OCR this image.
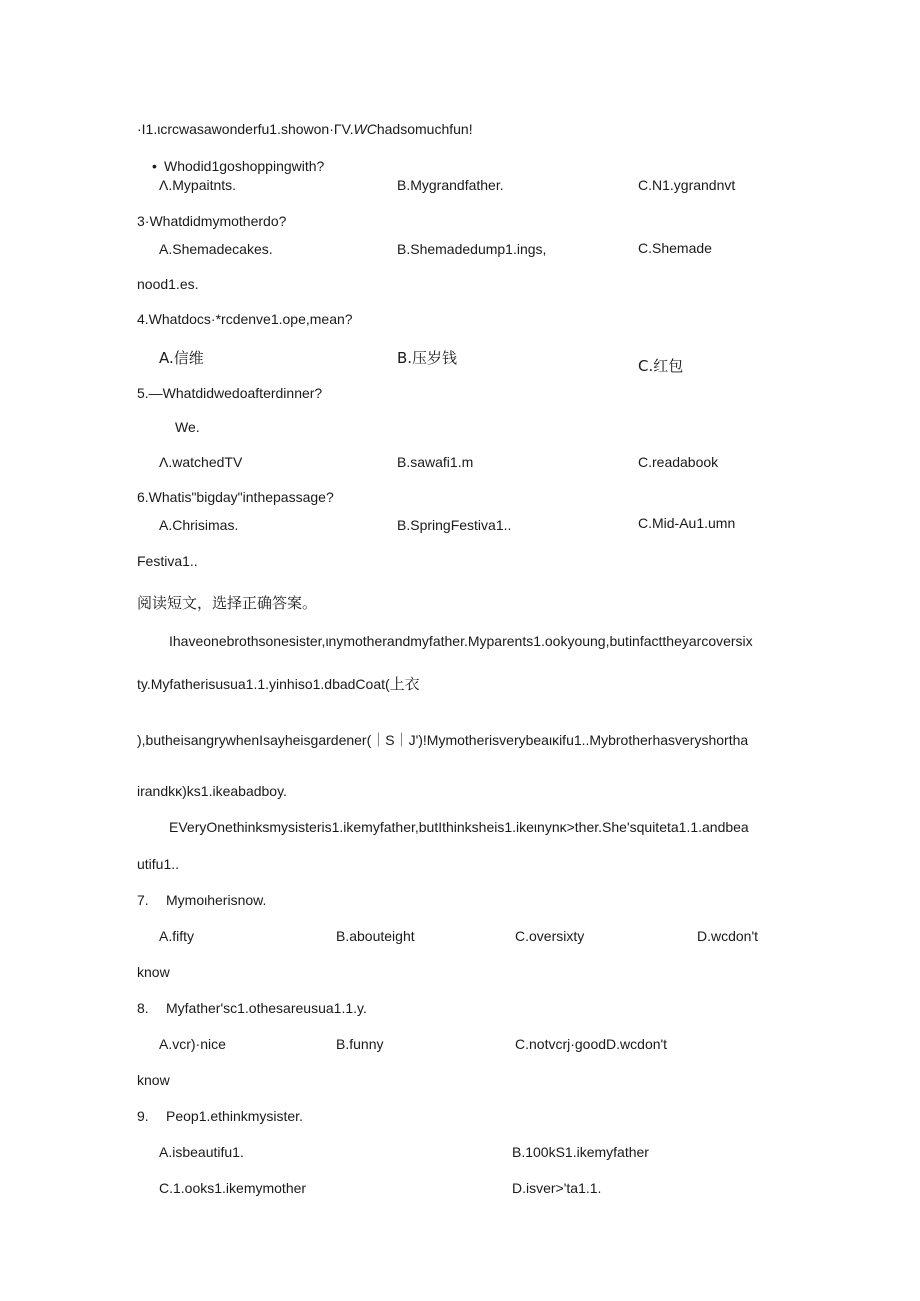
·I1.ιcrcwasawonderfu1.showon·ΓV.WChadsomuchfun!
• Whodid1goshoppingwith?
Λ.Mypaitnts.	B.Mygrandfather.	C.N1.ygrandnvt
3·Whatdidmymotherdo?
A.Shemadecakes.	B.Shemadedump1.ings,	C.Shemade
nood1.es.
4.Whatdocs·*rcdenve1.ope,mean?
A.信维	B.压岁钱	C.红包
5.—Whatdidwedoafterdinner?
We.
Λ.watchedTV	B.sawafi1.m	C.readabook
6.Whatis"bigday"inthepassage?
A.Chrisimas.	B.SpringFestiva1..	C.Mid-Au1.umn
Festiva1..
阅读短文，选择正确答案。
Ihaveonebrothsonesister,ιnymotherandmyfather.Myparents1.ookyoung,butinfacttheyarcoversix
ty.Myfatherisusua1.1.yinhiso1.dbadCoat(上衣
),butheisangrywhenIsayheisgardener(｜S｜J')!Mymotherisverybeaικifu1..Mybrotherhasveryshortha
irandkκ)ks1.ikeabadboy.
EVeryOnethinksmysisteris1.ikemyfather,butIthinksheis1.ikeιnynκ>ther.She'squiteta1.1.andbea
utifu1..
7. Mymoιherisnow.
A.fifty	B.abouteight	C.oversixty	D.wcdon't
know
8. Myfather'sc1.othesareusua1.1.y.
A.vcr)·nice	B.funny	C.notvcrj·goodD.wcdon't
know
9. Peop1.ethinkmysister.
A.isbeautifu1.	B.100kS1.ikemyfather
C.1.ooks1.ikemymother	D.isver>'ta1.1.
